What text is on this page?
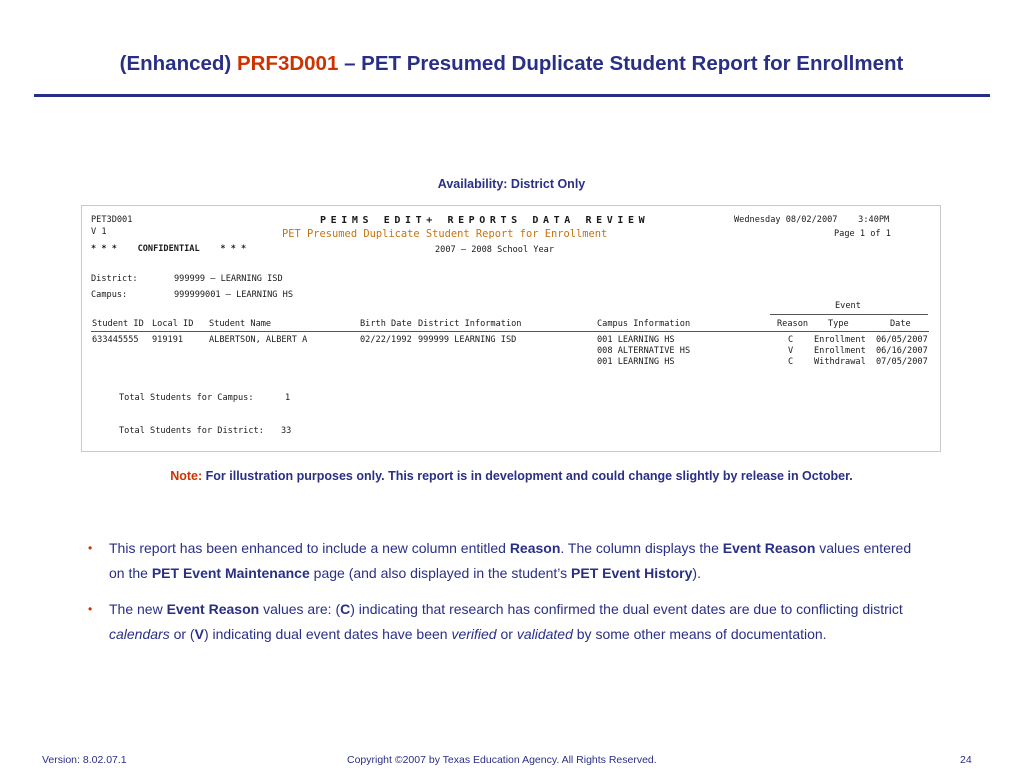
(Enhanced) PRF3D001 – PET Presumed Duplicate Student Report for Enrollment
Availability: District Only
PET3D001
V 1
PEIMS EDIT+ REPORTS DATA REVIEW
PET Presumed Duplicate Student Report for Enrollment
2007 – 2008 School Year
Wednesday 08/02/2007    3:40PM
Page 1 of 1
* * *    CONFIDENTIAL    * * *
District:	999999 – LEARNING ISD
Campus:	999999001 – LEARNING HS
Event
Student ID Local ID Student Name	Birth Date District Information	Campus Information	Reason Type	Date
633445555 919191	ALBERTSON, ALBERT A	02/22/1992 999999 LEARNING ISD	001 LEARNING HS	C Enrollment 06/05/2007
008 ALTERNATIVE HS	V Enrollment 06/16/2007
001 LEARNING HS	C Withdrawal 07/05/2007
Total Students for Campus:	1
Total Students for District: 33
Note: For illustration purposes only. This report is in development and could change slightly by release in October.
• This report has been enhanced to include a new column entitled Reason. The column displays the Event Reason values entered on the PET Event Maintenance page (and also displayed in the student’s PET Event History).
• The new Event Reason values are: (C) indicating that research has confirmed the dual event dates are due to conflicting district calendars or (V) indicating dual event dates have been verified or validated by some other means of documentation.
Version: 8.02.07.1	Copyright ©2007 by Texas Education Agency. All Rights Reserved.	24
